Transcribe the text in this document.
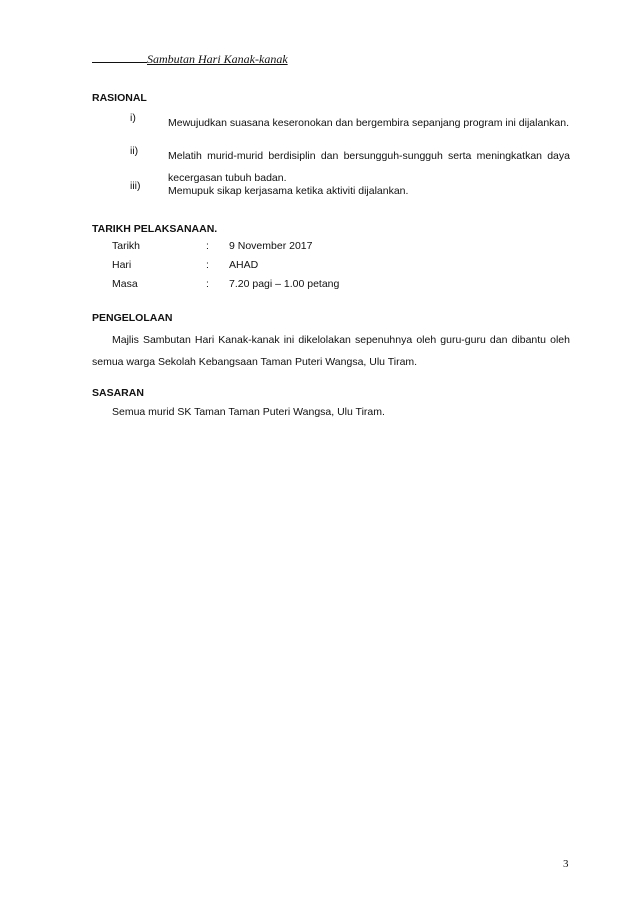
Sambutan Hari Kanak-kanak
RASIONAL
i)	Mewujudkan suasana keseronokan dan bergembira sepanjang program ini dijalankan.
ii)	Melatih murid-murid berdisiplin dan bersungguh-sungguh serta meningkatkan daya kecergasan tubuh badan.
iii)	Memupuk sikap kerjasama ketika aktiviti dijalankan.
TARIKH PELAKSANAAN.
Tarikh	: 9 November 2017
Hari	: AHAD
Masa	: 7.20 pagi – 1.00 petang
PENGELOLAAN
Majlis Sambutan Hari Kanak-kanak ini dikelolakan sepenuhnya oleh guru-guru dan dibantu oleh semua warga Sekolah Kebangsaan Taman Puteri Wangsa, Ulu Tiram.
SASARAN
Semua murid SK Taman Taman Puteri Wangsa, Ulu Tiram.
3
